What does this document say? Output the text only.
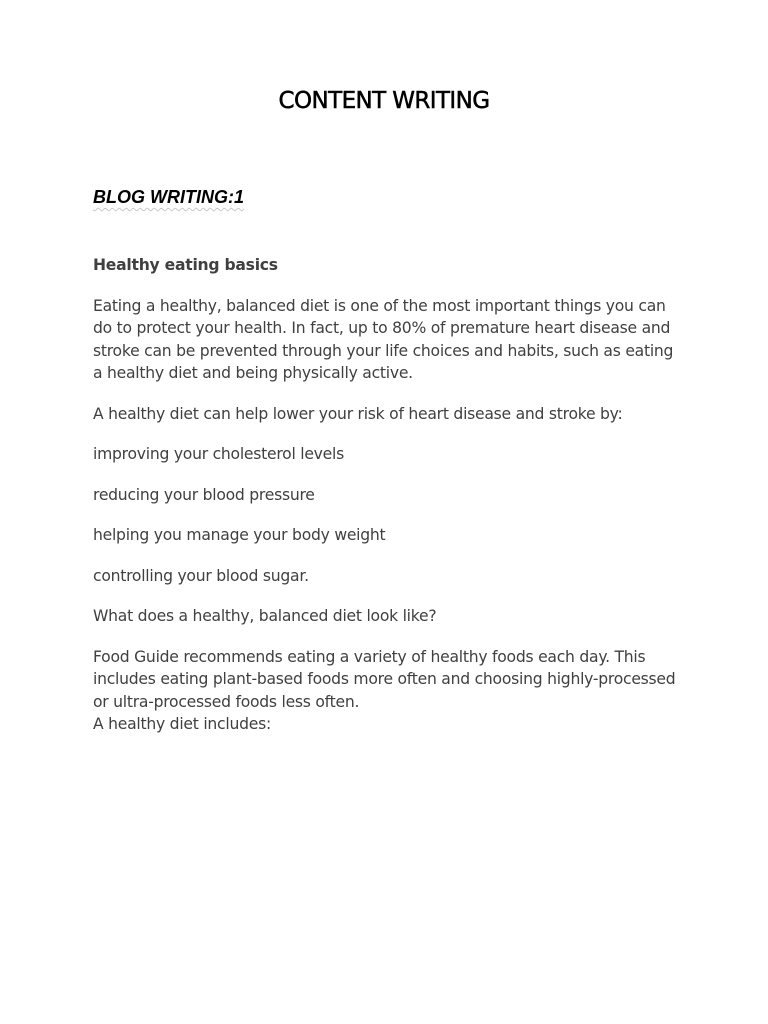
CONTENT WRITING
BLOG WRITING:1

Healthy eating basics

Eating a healthy, balanced diet is one of the most important things you can do to protect your health. In fact, up to 80% of premature heart disease and stroke can be prevented through your life choices and habits, such as eating a healthy diet and being physically active.

A healthy diet can help lower your risk of heart disease and stroke by:

improving your cholesterol levels

reducing your blood pressure

helping you manage your body weight

controlling your blood sugar.

What does a healthy, balanced diet look like?

Food Guide recommends eating a variety of healthy foods each day. This includes eating plant-based foods more often and choosing highly-processed or ultra-processed foods less often.

A healthy diet includes:
